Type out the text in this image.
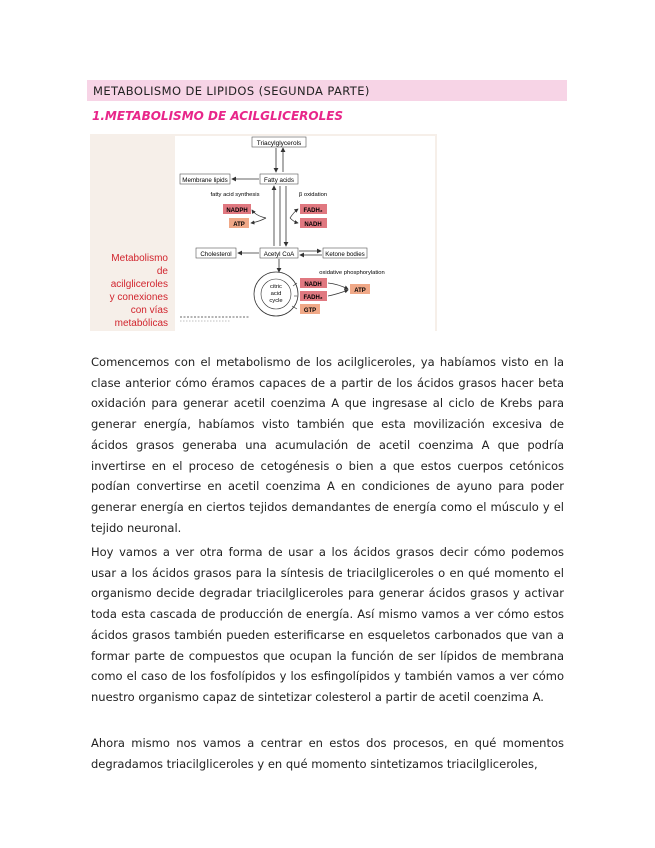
METABOLISMO DE LIPIDOS (SEGUNDA PARTE)
1.METABOLISMO DE ACILGLICEROLES
Metabolismo
de
acilgliceroles
y conexiones
con vías
metabólicas
Triacylglycerols
Membrane lipids	Fatty acids
fatty acid synthesis	β oxidation
NADPH
ATP
FADH₂
NADH
Cholesterol	Acetyl CoA	Ketone bodies
citric
acid
cycle
oxidative phosphorylation
NADH
FADH₂
GTP
ATP

Comencemos con el metabolismo de los acilgliceroles, ya habíamos visto en la clase anterior cómo éramos capaces de a partir de los ácidos grasos hacer beta oxidación para generar acetil coenzima A que ingresase al ciclo de Krebs para generar energía, habíamos visto también que esta movilización excesiva de ácidos grasos generaba una acumulación de acetil coenzima A que podría invertirse en el proceso de cetogénesis o bien a que estos cuerpos cetónicos podían convertirse en acetil coenzima A en condiciones de ayuno para poder generar energía en ciertos tejidos demandantes de energía como el músculo y el tejido neuronal.

Hoy vamos a ver otra forma de usar a los ácidos grasos decir cómo podemos usar a los ácidos grasos para la síntesis de triacilgliceroles o en qué momento el organismo decide degradar triacilgliceroles para generar ácidos grasos y activar toda esta cascada de producción de energía. Así mismo vamos a ver cómo estos ácidos grasos también pueden esterificarse en esqueletos carbonados que van a formar parte de compuestos que ocupan la función de ser lípidos de membrana como el caso de los fosfolípidos y los esfingolípidos y también vamos a ver cómo nuestro organismo capaz de sintetizar colesterol a partir de acetil coenzima A.

Ahora mismo nos vamos a centrar en estos dos procesos, en qué momentos degradamos triacilgliceroles y en qué momento sintetizamos triacilgliceroles,
